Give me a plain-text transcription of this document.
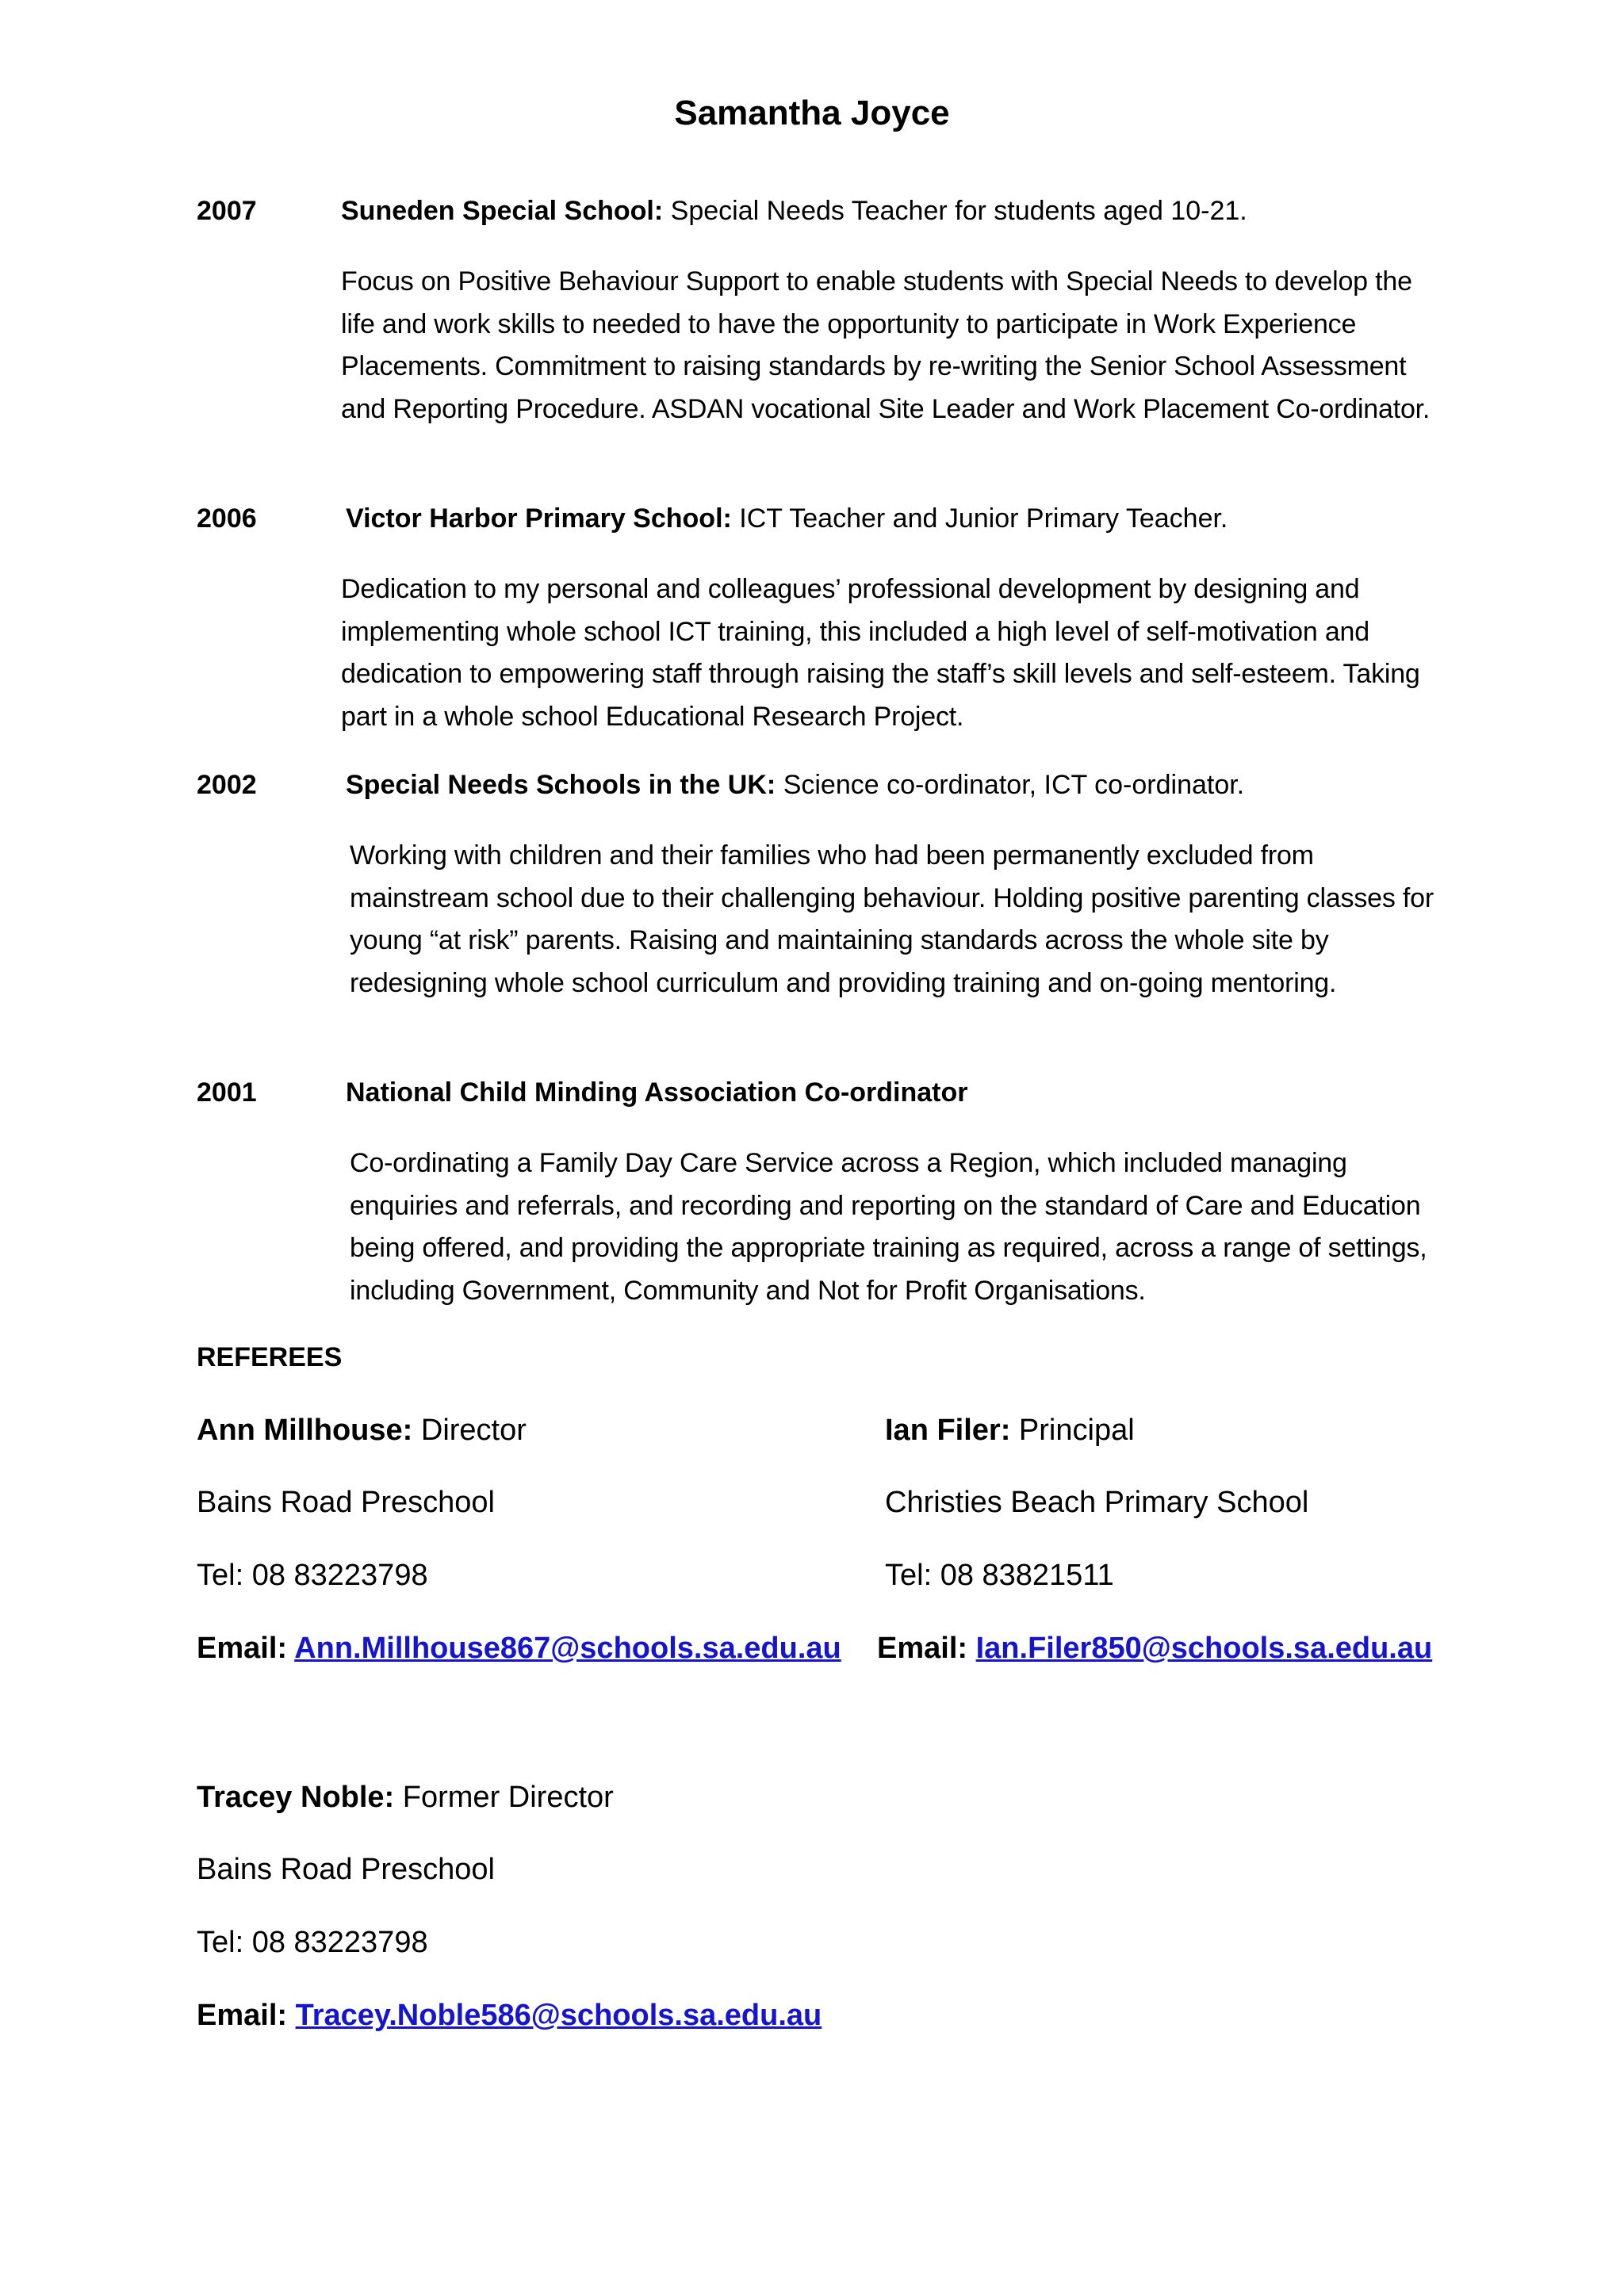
Samantha Joyce
2007	Suneden Special School: Special Needs Teacher for students aged 10-21.
Focus on Positive Behaviour Support to enable students with Special Needs to develop the life and work skills to needed to have the opportunity to participate in Work Experience Placements. Commitment to raising standards by re-writing the Senior School Assessment and Reporting Procedure. ASDAN vocational Site Leader and Work Placement Co-ordinator.
2006	Victor Harbor Primary School: ICT Teacher and Junior Primary Teacher.
Dedication to my personal and colleagues’ professional development by designing and implementing whole school ICT training, this included a high level of self-motivation and dedication to empowering staff through raising the staff’s skill levels and self-esteem. Taking part in a whole school Educational Research Project.
2002	Special Needs Schools in the UK: Science co-ordinator, ICT co-ordinator.
Working with children and their families who had been permanently excluded from mainstream school due to their challenging behaviour. Holding positive parenting classes for young “at risk” parents. Raising and maintaining standards across the whole site by redesigning whole school curriculum and providing training and on-going mentoring.
2001	National Child Minding Association Co-ordinator
Co-ordinating a Family Day Care Service across a Region, which included managing enquiries and referrals, and recording and reporting on the standard of Care and Education being offered, and providing the appropriate training as required, across a range of settings, including Government, Community and Not for Profit Organisations.
REFEREES
Ann Millhouse: Director
Bains Road Preschool
Tel: 08 83223798
Email: Ann.Millhouse867@schools.sa.edu.au
Ian Filer: Principal
Christies Beach Primary School
Tel: 08 83821511
Email: Ian.Filer850@schools.sa.edu.au
Tracey Noble: Former Director
Bains Road Preschool
Tel: 08 83223798
Email: Tracey.Noble586@schools.sa.edu.au
